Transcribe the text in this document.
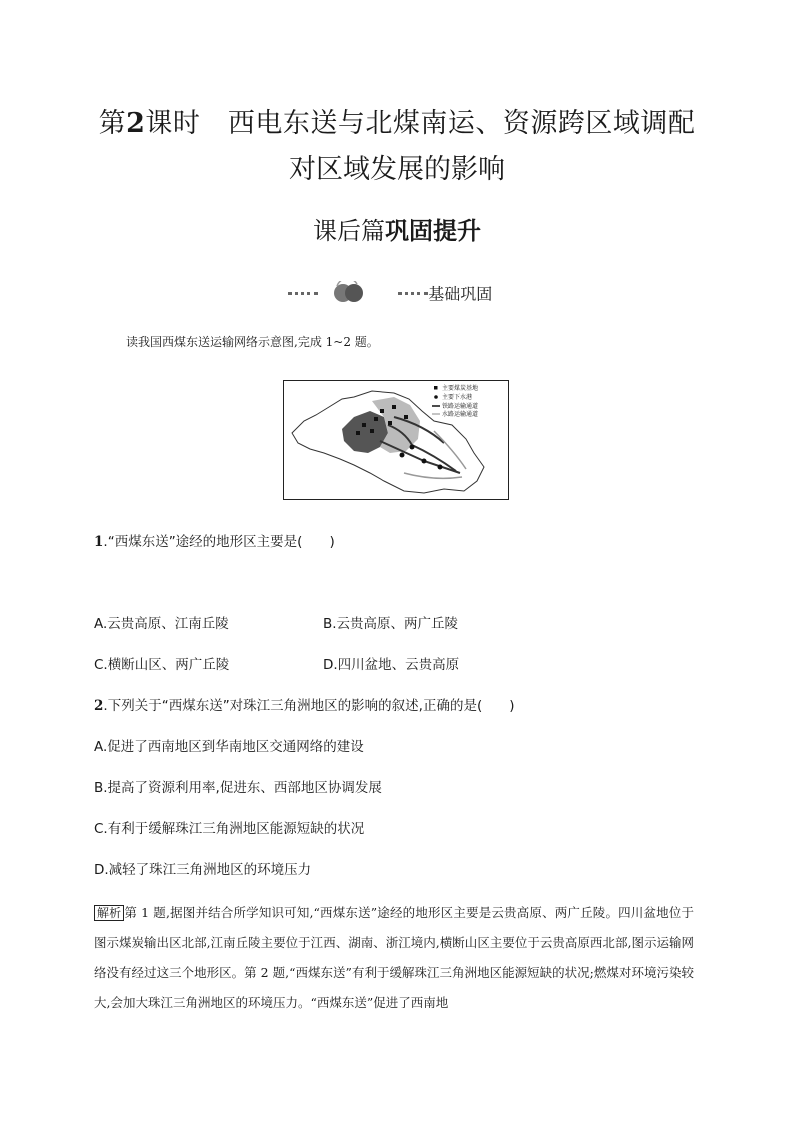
第2课时　 西电东送与北煤南运、资源跨区域调配
对区域发展的影响
课后篇巩固提升
基础巩固
读我国西煤东送运输网络示意图,完成 1~2 题。
主要煤炭基地
主要下水港
铁路运输通道
水路运输通道
1.“西煤东送”途经的地形区主要是(　　)
A.云贵高原、江南丘陵	B.云贵高原、两广丘陵
C.横断山区、两广丘陵	D.四川盆地、云贵高原
2.下列关于“西煤东送”对珠江三角洲地区的影响的叙述,正确的是(　　)
A.促进了西南地区到华南地区交通网络的建设
B.提高了资源利用率,促进东、西部地区协调发展
C.有利于缓解珠江三角洲地区能源短缺的状况
D.减轻了珠江三角洲地区的环境压力
解析 第 1 题,据图并结合所学知识可知,“西煤东送”途经的地形区主要是云贵高原、两广丘陵。四川盆地位于图示煤炭输出区北部,江南丘陵主要位于江西、湖南、浙江境内,横断山区主要位于云贵高原西北部,图示运输网络没有经过这三个地形区。第 2 题,“西煤东送”有利于缓解珠江三角洲地区能源短缺的状况;燃煤对环境污染较大,会加大珠江三角洲地区的环境压力。“西煤东送”促进了西南地
